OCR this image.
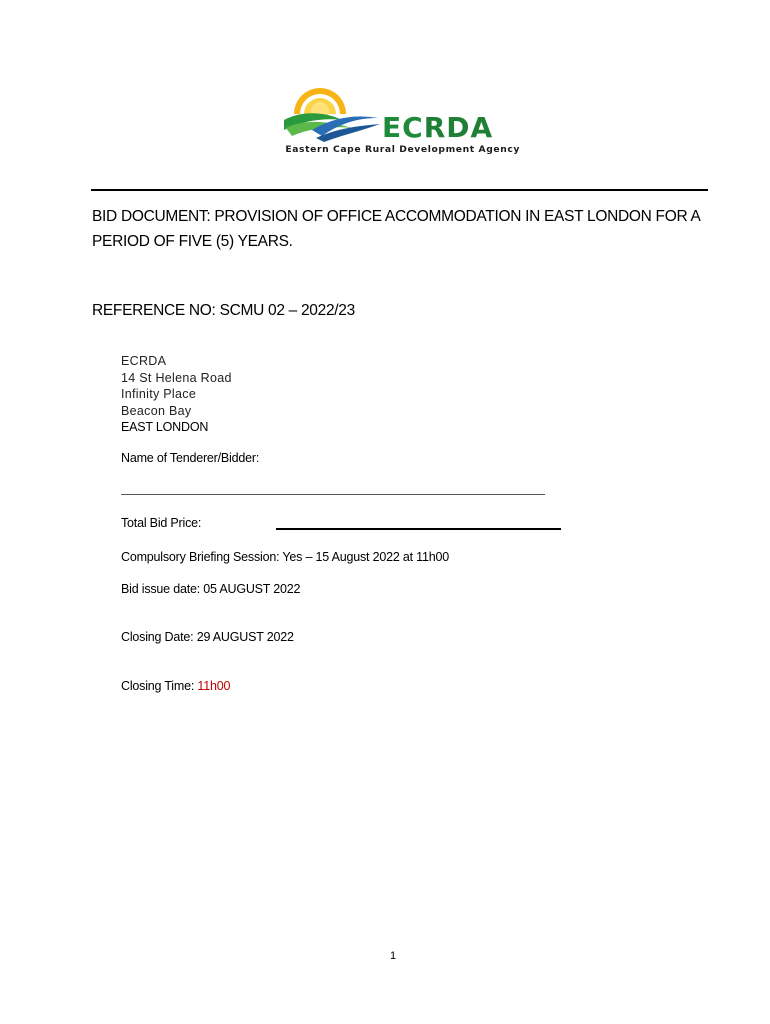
ECRDA
Eastern Cape Rural Development Agency
BID DOCUMENT: PROVISION OF OFFICE ACCOMMODATION IN EAST LONDON FOR A PERIOD OF FIVE (5) YEARS.
REFERENCE NO: SCMU 02 – 2022/23
ECRDA
14 St Helena Road
Infinity Place
Beacon Bay
EAST LONDON
Name of Tenderer/Bidder:
Total Bid Price:
Compulsory Briefing Session: Yes – 15 August 2022 at 11h00
Bid issue date: 05 AUGUST 2022
Closing Date: 29 AUGUST 2022
Closing Time: 11h00
1
